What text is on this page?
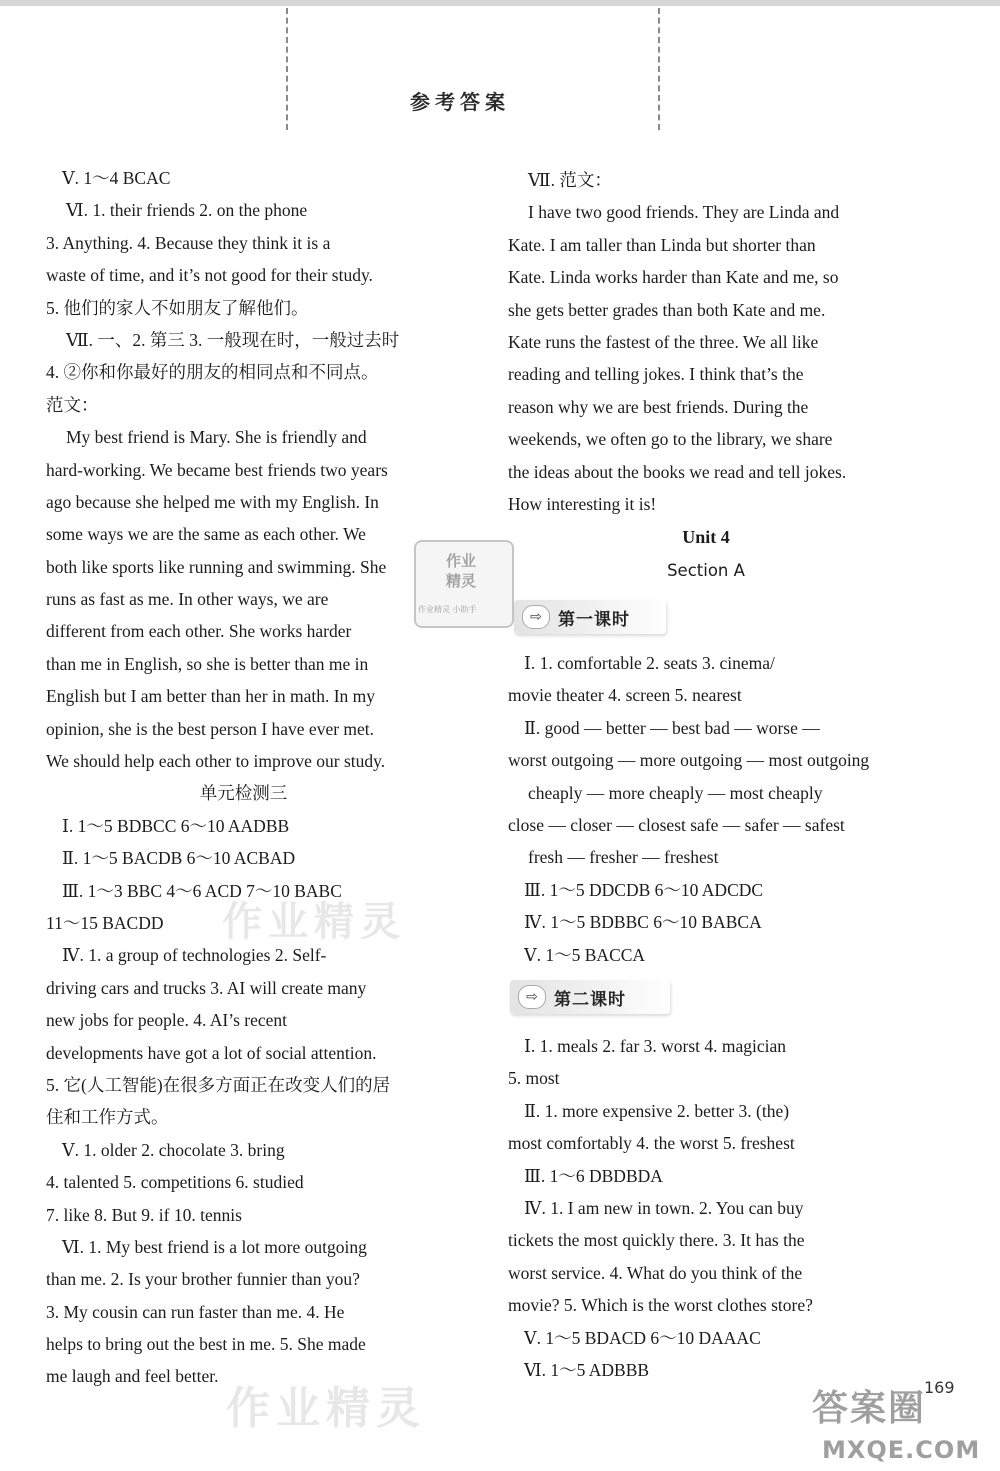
参考答案
Ⅴ. 1～4 BCAC
Ⅵ. 1. their friends 2. on the phone
3. Anything. 4. Because they think it is a
waste of time, and it’s not good for their study.
5. 他们的家人不如朋友了解他们。
Ⅶ. 一、2. 第三 3. 一般现在时，一般过去时
4. ②你和你最好的朋友的相同点和不同点。
范文：
My best friend is Mary. She is friendly and
hard-working. We became best friends two years
ago because she helped me with my English. In
some ways we are the same as each other. We
both like sports like running and swimming. She
runs as fast as me. In other ways, we are
different from each other. She works harder
than me in English, so she is better than me in
English but I am better than her in math. In my
opinion, she is the best person I have ever met.
We should help each other to improve our study.
单元检测三
Ⅰ. 1～5 BDBCC 6～10 AADBB
Ⅱ. 1～5 BACDB 6～10 ACBAD
Ⅲ. 1～3 BBC 4～6 ACD 7～10 BABC
11～15 BACDD
Ⅳ. 1. a group of technologies 2. Self-
driving cars and trucks 3. AI will create many
new jobs for people. 4. AI’s recent
developments have got a lot of social attention.
5. 它(人工智能)在很多方面正在改变人们的居
住和工作方式。
Ⅴ. 1. older 2. chocolate 3. bring
4. talented 5. competitions 6. studied
7. like 8. But 9. if 10. tennis
Ⅵ. 1. My best friend is a lot more outgoing
than me. 2. Is your brother funnier than you?
3. My cousin can run faster than me. 4. He
helps to bring out the best in me. 5. She made
me laugh and feel better.
Ⅶ. 范文：
I have two good friends. They are Linda and
Kate. I am taller than Linda but shorter than
Kate. Linda works harder than Kate and me, so
she gets better grades than both Kate and me.
Kate runs the fastest of the three. We all like
reading and telling jokes. I think that’s the
reason why we are best friends. During the
weekends, we often go to the library, we share
the ideas about the books we read and tell jokes.
How interesting it is!
Unit 4
Section A
⇨ 第一课时
Ⅰ. 1. comfortable 2. seats 3. cinema/
movie theater 4. screen 5. nearest
Ⅱ. good — better — best bad — worse —
worst outgoing — more outgoing — most outgoing
cheaply — more cheaply — most cheaply
close — closer — closest safe — safer — safest
fresh — fresher — freshest
Ⅲ. 1～5 DDCDB 6～10 ADCDC
Ⅳ. 1～5 BDBBC 6～10 BABCA
Ⅴ. 1～5 BACCA
⇨ 第二课时
Ⅰ. 1. meals 2. far 3. worst 4. magician
5. most
Ⅱ. 1. more expensive 2. better 3. (the)
most comfortably 4. the worst 5. freshest
Ⅲ. 1～6 DBDBDA
Ⅳ. 1. I am new in town. 2. You can buy
tickets the most quickly there. 3. It has the
worst service. 4. What do you think of the
movie? 5. Which is the worst clothes store?
Ⅴ. 1～5 BDACD 6～10 DAAAC
Ⅵ. 1～5 ADBBB
作业精灵
作业精灵
作业
精灵
作业精灵 小助手
答案圈
MXQE.COM
169
